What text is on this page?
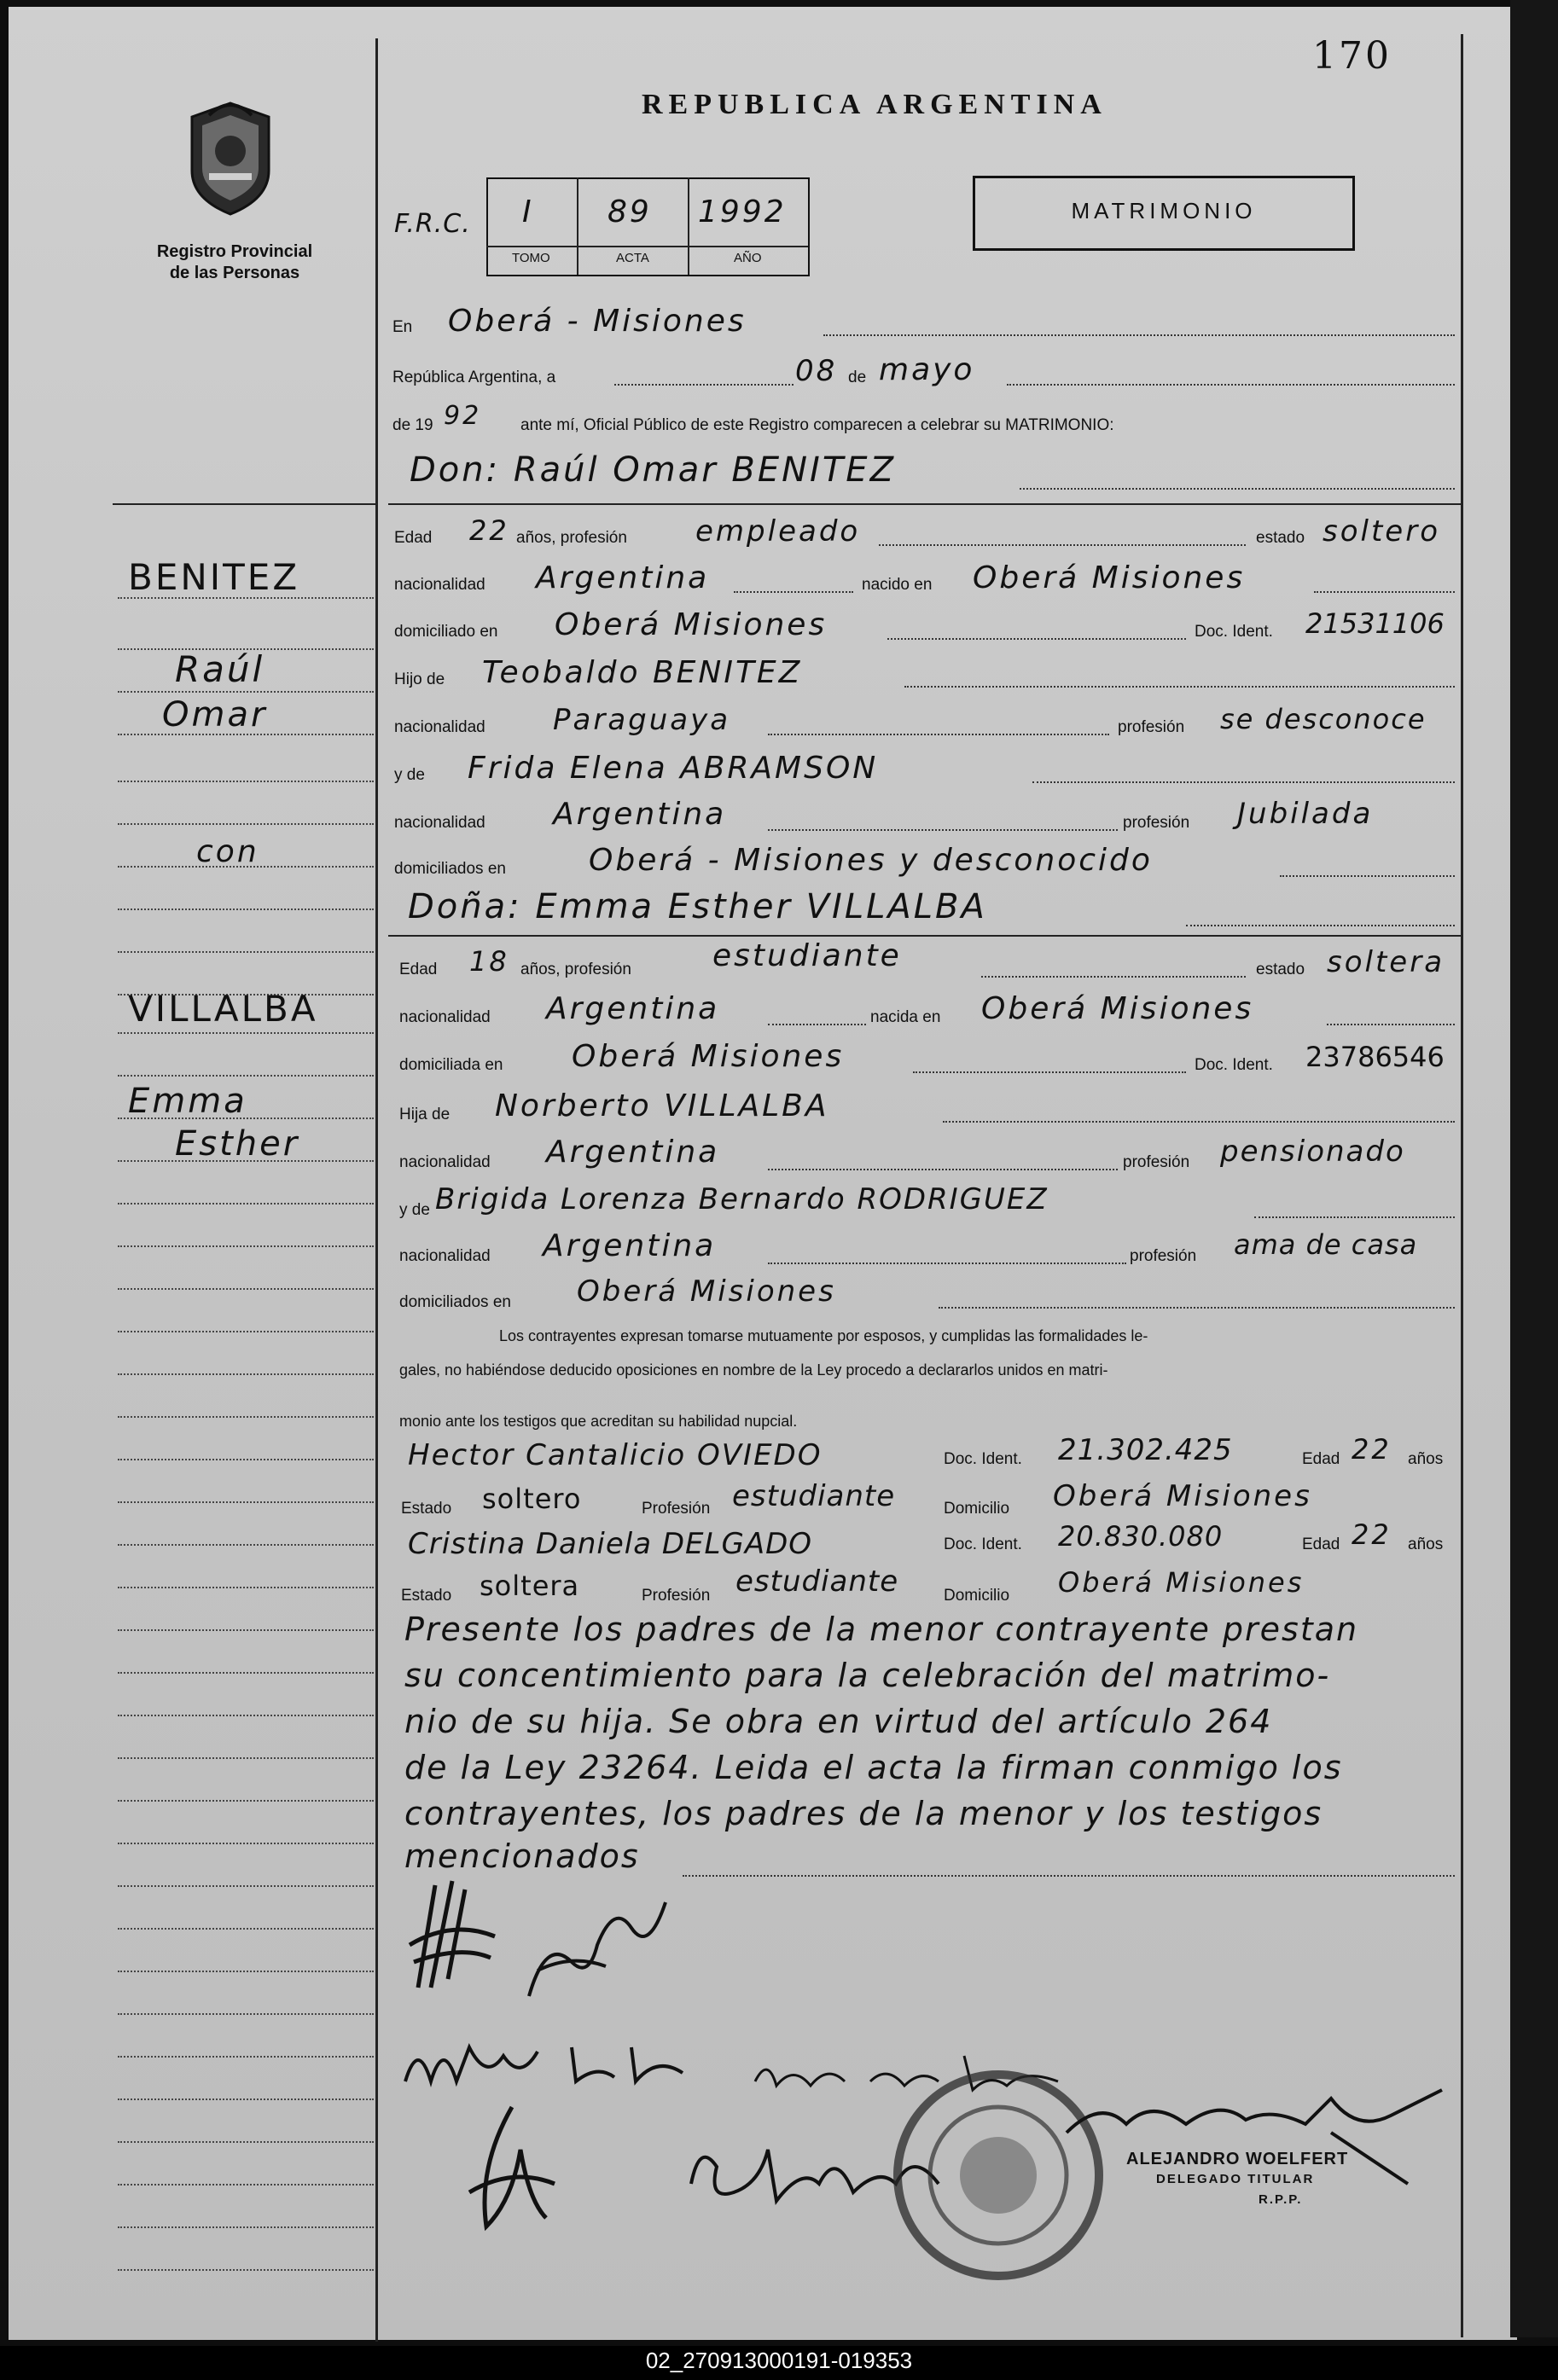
170
Registro Provincial
de las Personas
REPUBLICA ARGENTINA
F.R.C. I 89 1992
TOMO	ACTA	AÑO
MATRIMONIO
BENITEZ
Raúl
Omar
con
VILLALBA
Emma
Esther
En Oberá - Misiones
República Argentina, a	08 de mayo
de 19 92 ante mí, Oficial Público de este Registro comparecen a celebrar su MATRIMONIO:
Don: Raúl Omar BENITEZ
Edad 22 años, profesión empleado	estado soltero
nacionalidad Argentina	nacido en Oberá Misiones
domiciliado en Oberá Misiones	Doc. Ident. 21531106
Hijo de Teobaldo BENITEZ
nacionalidad Paraguaya	profesión se desconoce
y de Frida Elena ABRAMSON
nacionalidad Argentina	profesión Jubilada
domiciliados en	Oberá - Misiones y desconocido
Doña: Emma Esther VILLALBA
Edad 18 años, profesión	estudiante	estado soltera
nacionalidad Argentina	nacida en Oberá Misiones
domiciliada en Oberá Misiones	Doc. Ident. 23786546
Hija de Norberto VILLALBA
nacionalidad Argentina	profesión pensionado
y de Brigida Lorenza Bernardo RODRIGUEZ
nacionalidad Argentina	profesión ama de casa
domiciliados en Oberá Misiones
Los contrayentes expresan tomarse mutuamente por esposos, y cumplidas las formalidades le-
gales, no habiéndose deducido oposiciones en nombre de la Ley procedo a declararlos unidos en matri-
monio ante los testigos que acreditan su habilidad nupcial.
Hector Cantalicio OVIEDO	Doc. Ident. 21.302.425	Edad 22 años
Estado soltero	Profesión estudiante	Domicilio Oberá Misiones
Cristina Daniela DELGADO	Doc. Ident. 20.830.080	Edad 22 años
Estado soltera	Profesión estudiante	Domicilio Oberá Misiones
Presente los padres de la menor contrayente prestan
su concentimiento para la celebración del matrimo-
nio de su hija. Se obra en virtud del artículo 264
de la Ley 23264. Leida el acta la firman conmigo los
contrayentes, los padres de la menor y los testigos
mencionados
ALEJANDRO WOELFERT
DELEGADO TITULAR
R.P.P.
02_270913000191-019353
